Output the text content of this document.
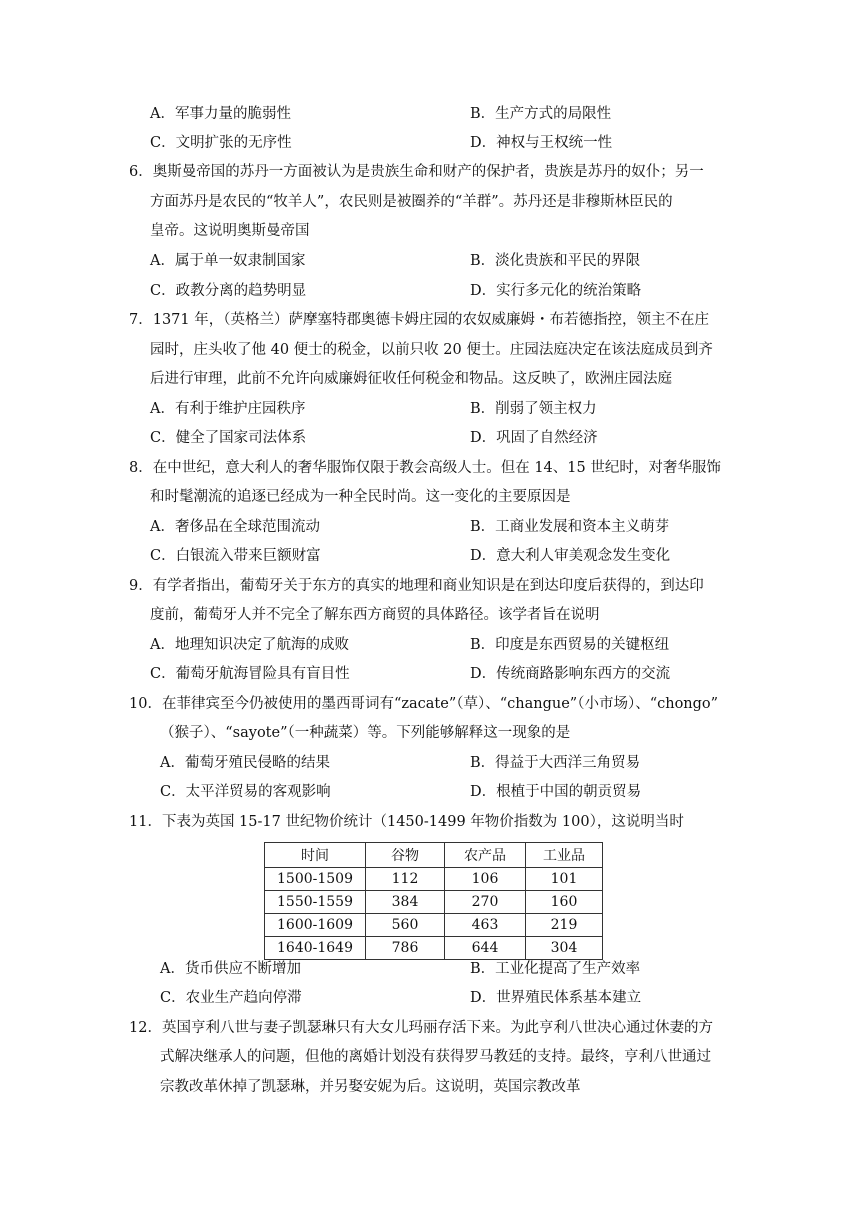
A．军事力量的脆弱性	B．生产方式的局限性
C．文明扩张的无序性	D．神权与王权统一性
6．奥斯曼帝国的苏丹一方面被认为是贵族生命和财产的保护者，贵族是苏丹的奴仆；另一
方面苏丹是农民的“牧羊人”，农民则是被圈养的“羊群”。苏丹还是非穆斯林臣民的
皇帝。这说明奥斯曼帝国
A．属于单一奴隶制国家	B．淡化贵族和平民的界限
C．政教分离的趋势明显	D．实行多元化的统治策略
7．1371 年，（英格兰）萨摩塞特郡奥德卡姆庄园的农奴威廉姆・布若德指控，领主不在庄
园时，庄头收了他 40 便士的税金，以前只收 20 便士。庄园法庭决定在该法庭成员到齐
后进行审理，此前不允许向威廉姆征收任何税金和物品。这反映了，欧洲庄园法庭
A．有利于维护庄园秩序	B．削弱了领主权力
C．健全了国家司法体系	D．巩固了自然经济
8．在中世纪，意大利人的奢华服饰仅限于教会高级人士。但在 14、15 世纪时，对奢华服饰
和时髦潮流的追逐已经成为一种全民时尚。这一变化的主要原因是
A．奢侈品在全球范围流动	B．工商业发展和资本主义萌芽
C．白银流入带来巨额财富	D．意大利人审美观念发生变化
9．有学者指出，葡萄牙关于东方的真实的地理和商业知识是在到达印度后获得的，到达印
度前，葡萄牙人并不完全了解东西方商贸的具体路径。该学者旨在说明
A．地理知识决定了航海的成败	B．印度是东西贸易的关键枢纽
C．葡萄牙航海冒险具有盲目性	D．传统商路影响东西方的交流
10．在菲律宾至今仍被使用的墨西哥词有“zacate”（草）、“changue”（小市场）、“chongo”
（猴子）、“sayote”（一种蔬菜）等。下列能够解释这一现象的是
A．葡萄牙殖民侵略的结果	B．得益于大西洋三角贸易
C．太平洋贸易的客观影响	D．根植于中国的朝贡贸易
11．下表为英国 15-17 世纪物价统计（1450-1499 年物价指数为 100），这说明当时
时间	谷物	农产品	工业品
1500-1509	112	106	101
1550-1559	384	270	160
1600-1609	560	463	219
1640-1649	786	644	304
A．货币供应不断增加	B．工业化提高了生产效率
C．农业生产趋向停滞	D．世界殖民体系基本建立
12．英国亨利八世与妻子凯瑟琳只有大女儿玛丽存活下来。为此亨利八世决心通过休妻的方
式解决继承人的问题，但他的离婚计划没有获得罗马教廷的支持。最终，亨利八世通过
宗教改革休掉了凯瑟琳，并另娶安妮为后。这说明，英国宗教改革
